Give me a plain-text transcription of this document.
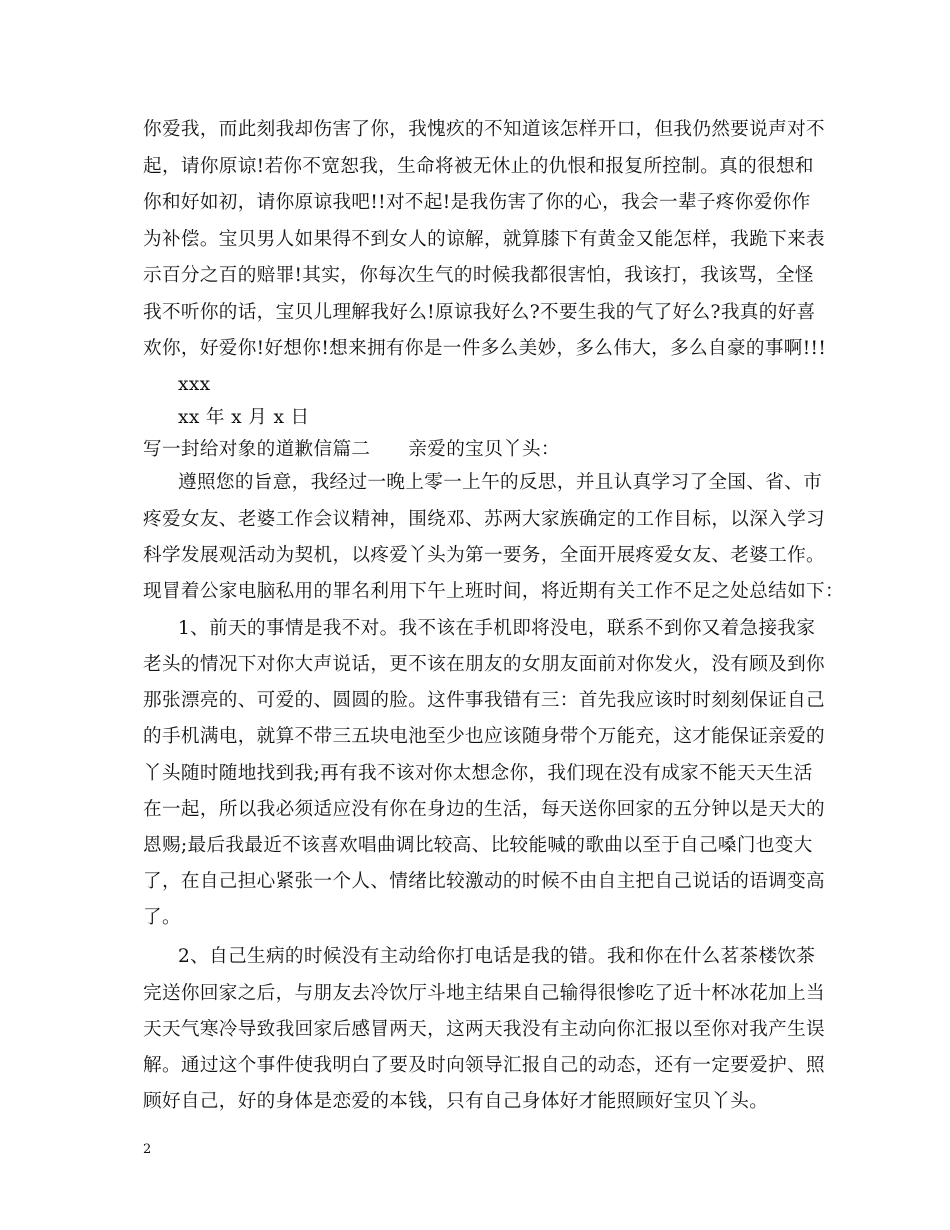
你爱我，而此刻我却伤害了你，我愧疚的不知道该怎样开口，但我仍然要说声对不
起，请你原谅!若你不宽恕我，生命将被无休止的仇恨和报复所控制。真的很想和
你和好如初，请你原谅我吧!!对不起!是我伤害了你的心，我会一辈子疼你爱你作
为补偿。宝贝男人如果得不到女人的谅解，就算膝下有黄金又能怎样，我跪下来表
示百分之百的赔罪!其实，你每次生气的时候我都很害怕，我该打，我该骂，全怪
我不听你的话，宝贝儿理解我好么!原谅我好么?不要生我的气了好么?我真的好喜
欢你，好爱你!好想你!想来拥有你是一件多么美妙，多么伟大，多么自豪的事啊!!!
xxx
xx 年 x 月 x 日
写一封给对象的道歉信篇二 亲爱的宝贝丫头：
遵照您的旨意，我经过一晚上零一上午的反思，并且认真学习了全国、省、市
疼爱女友、老婆工作会议精神，围绕邓、苏两大家族确定的工作目标，以深入学习
科学发展观活动为契机，以疼爱丫头为第一要务，全面开展疼爱女友、老婆工作。
现冒着公家电脑私用的罪名利用下午上班时间，将近期有关工作不足之处总结如下：
1、前天的事情是我不对。我不该在手机即将没电，联系不到你又着急接我家
老头的情况下对你大声说话，更不该在朋友的女朋友面前对你发火，没有顾及到你
那张漂亮的、可爱的、圆圆的脸。这件事我错有三：首先我应该时时刻刻保证自己
的手机满电，就算不带三五块电池至少也应该随身带个万能充，这才能保证亲爱的
丫头随时随地找到我;再有我不该对你太想念你，我们现在没有成家不能天天生活
在一起，所以我必须适应没有你在身边的生活，每天送你回家的五分钟以是天大的
恩赐;最后我最近不该喜欢唱曲调比较高、比较能喊的歌曲以至于自己嗓门也变大
了，在自己担心紧张一个人、情绪比较激动的时候不由自主把自己说话的语调变高
了。
2、自己生病的时候没有主动给你打电话是我的错。我和你在什么茗茶楼饮茶
完送你回家之后，与朋友去冷饮厅斗地主结果自己输得很惨吃了近十杯冰花加上当
天天气寒冷导致我回家后感冒两天，这两天我没有主动向你汇报以至你对我产生误
解。通过这个事件使我明白了要及时向领导汇报自己的动态，还有一定要爱护、照
顾好自己，好的身体是恋爱的本钱，只有自己身体好才能照顾好宝贝丫头。
2
